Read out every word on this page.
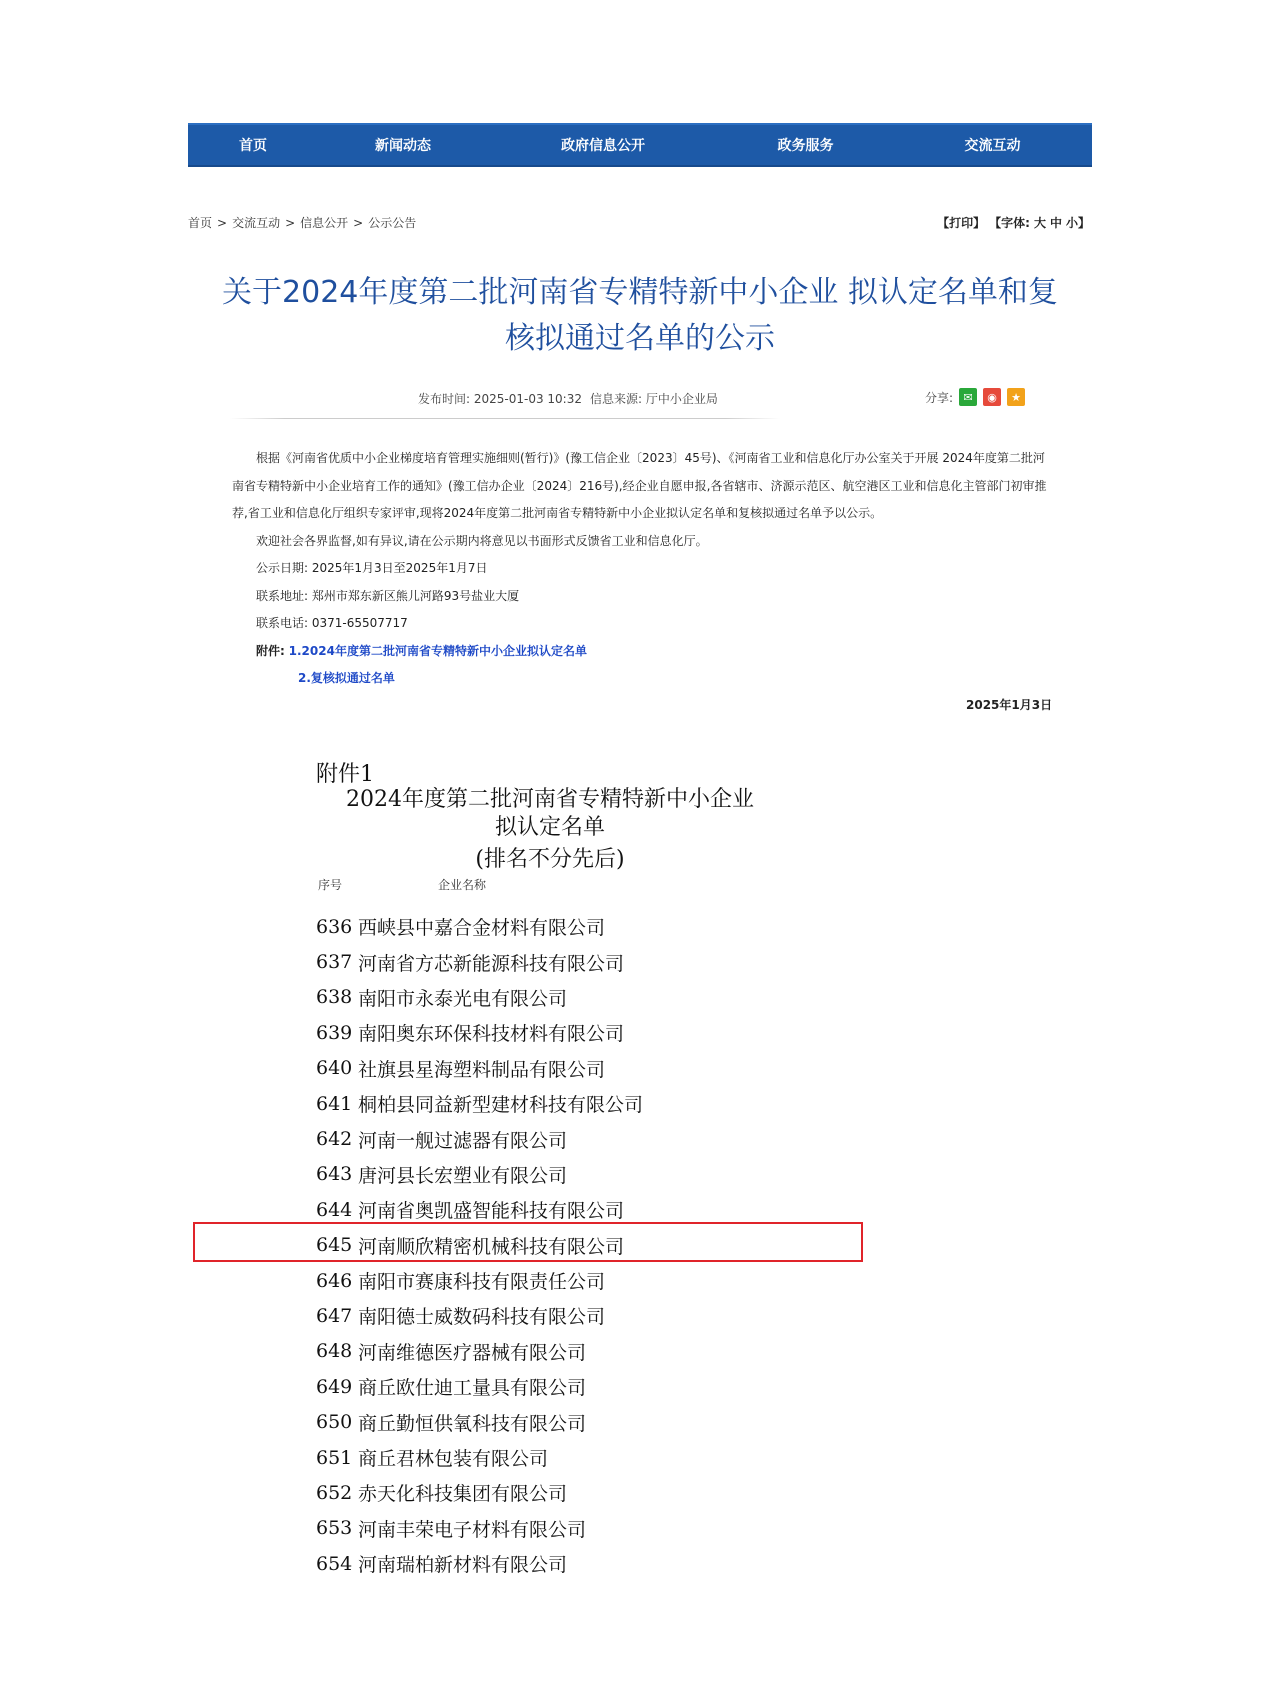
首页	新闻动态	政府信息公开	政务服务	交流互动
首页 > 交流互动 > 信息公开 > 公示公告	【打印】 【字体: 大 中 小】
关于2024年度第二批河南省专精特新中小企业 拟认定名单和复
核拟通过名单的公示
发布时间: 2025-01-03 10:32 信息来源: 厅中小企业局	分享: ✉	◉	★

根据《河南省优质中小企业梯度培育管理实施细则(暂行)》(豫工信企业〔2023〕45号)、《河南省工业和信息化厅办公室关于开展 2024年度第二批河南省专精特新中小企业培育工作的通知》(豫工信办企业〔2024〕216号),经企业自愿申报,各省辖市、济源示范区、航空港区工业和信息化主管部门初审推荐,省工业和信息化厅组织专家评审,现将2024年度第二批河南省专精特新中小企业拟认定名单和复核拟通过名单予以公示。

欢迎社会各界监督,如有异议,请在公示期内将意见以书面形式反馈省工业和信息化厅。

公示日期: 2025年1月3日至2025年1月7日

联系地址: 郑州市郑东新区熊儿河路93号盐业大厦

联系电话: 0371-65507717

附件: 1.2024年度第二批河南省专精特新中小企业拟认定名单

2.复核拟通过名单

2025年1月3日
附件1
2024年度第二批河南省专精特新中小企业
拟认定名单
(排名不分先后)
序号	企业名称
636 西峡县中嘉合金材料有限公司
637 河南省方芯新能源科技有限公司
638 南阳市永泰光电有限公司
639 南阳奥东环保科技材料有限公司
640 社旗县星海塑料制品有限公司
641 桐柏县同益新型建材科技有限公司
642 河南一舰过滤器有限公司
643 唐河县长宏塑业有限公司
644 河南省奥凯盛智能科技有限公司
645 河南顺欣精密机械科技有限公司
646 南阳市赛康科技有限责任公司
647 南阳德士威数码科技有限公司
648 河南维德医疗器械有限公司
649 商丘欧仕迪工量具有限公司
650 商丘勤恒供氧科技有限公司
651 商丘君林包装有限公司
652 赤天化科技集团有限公司
653 河南丰荣电子材料有限公司
654 河南瑞柏新材料有限公司
